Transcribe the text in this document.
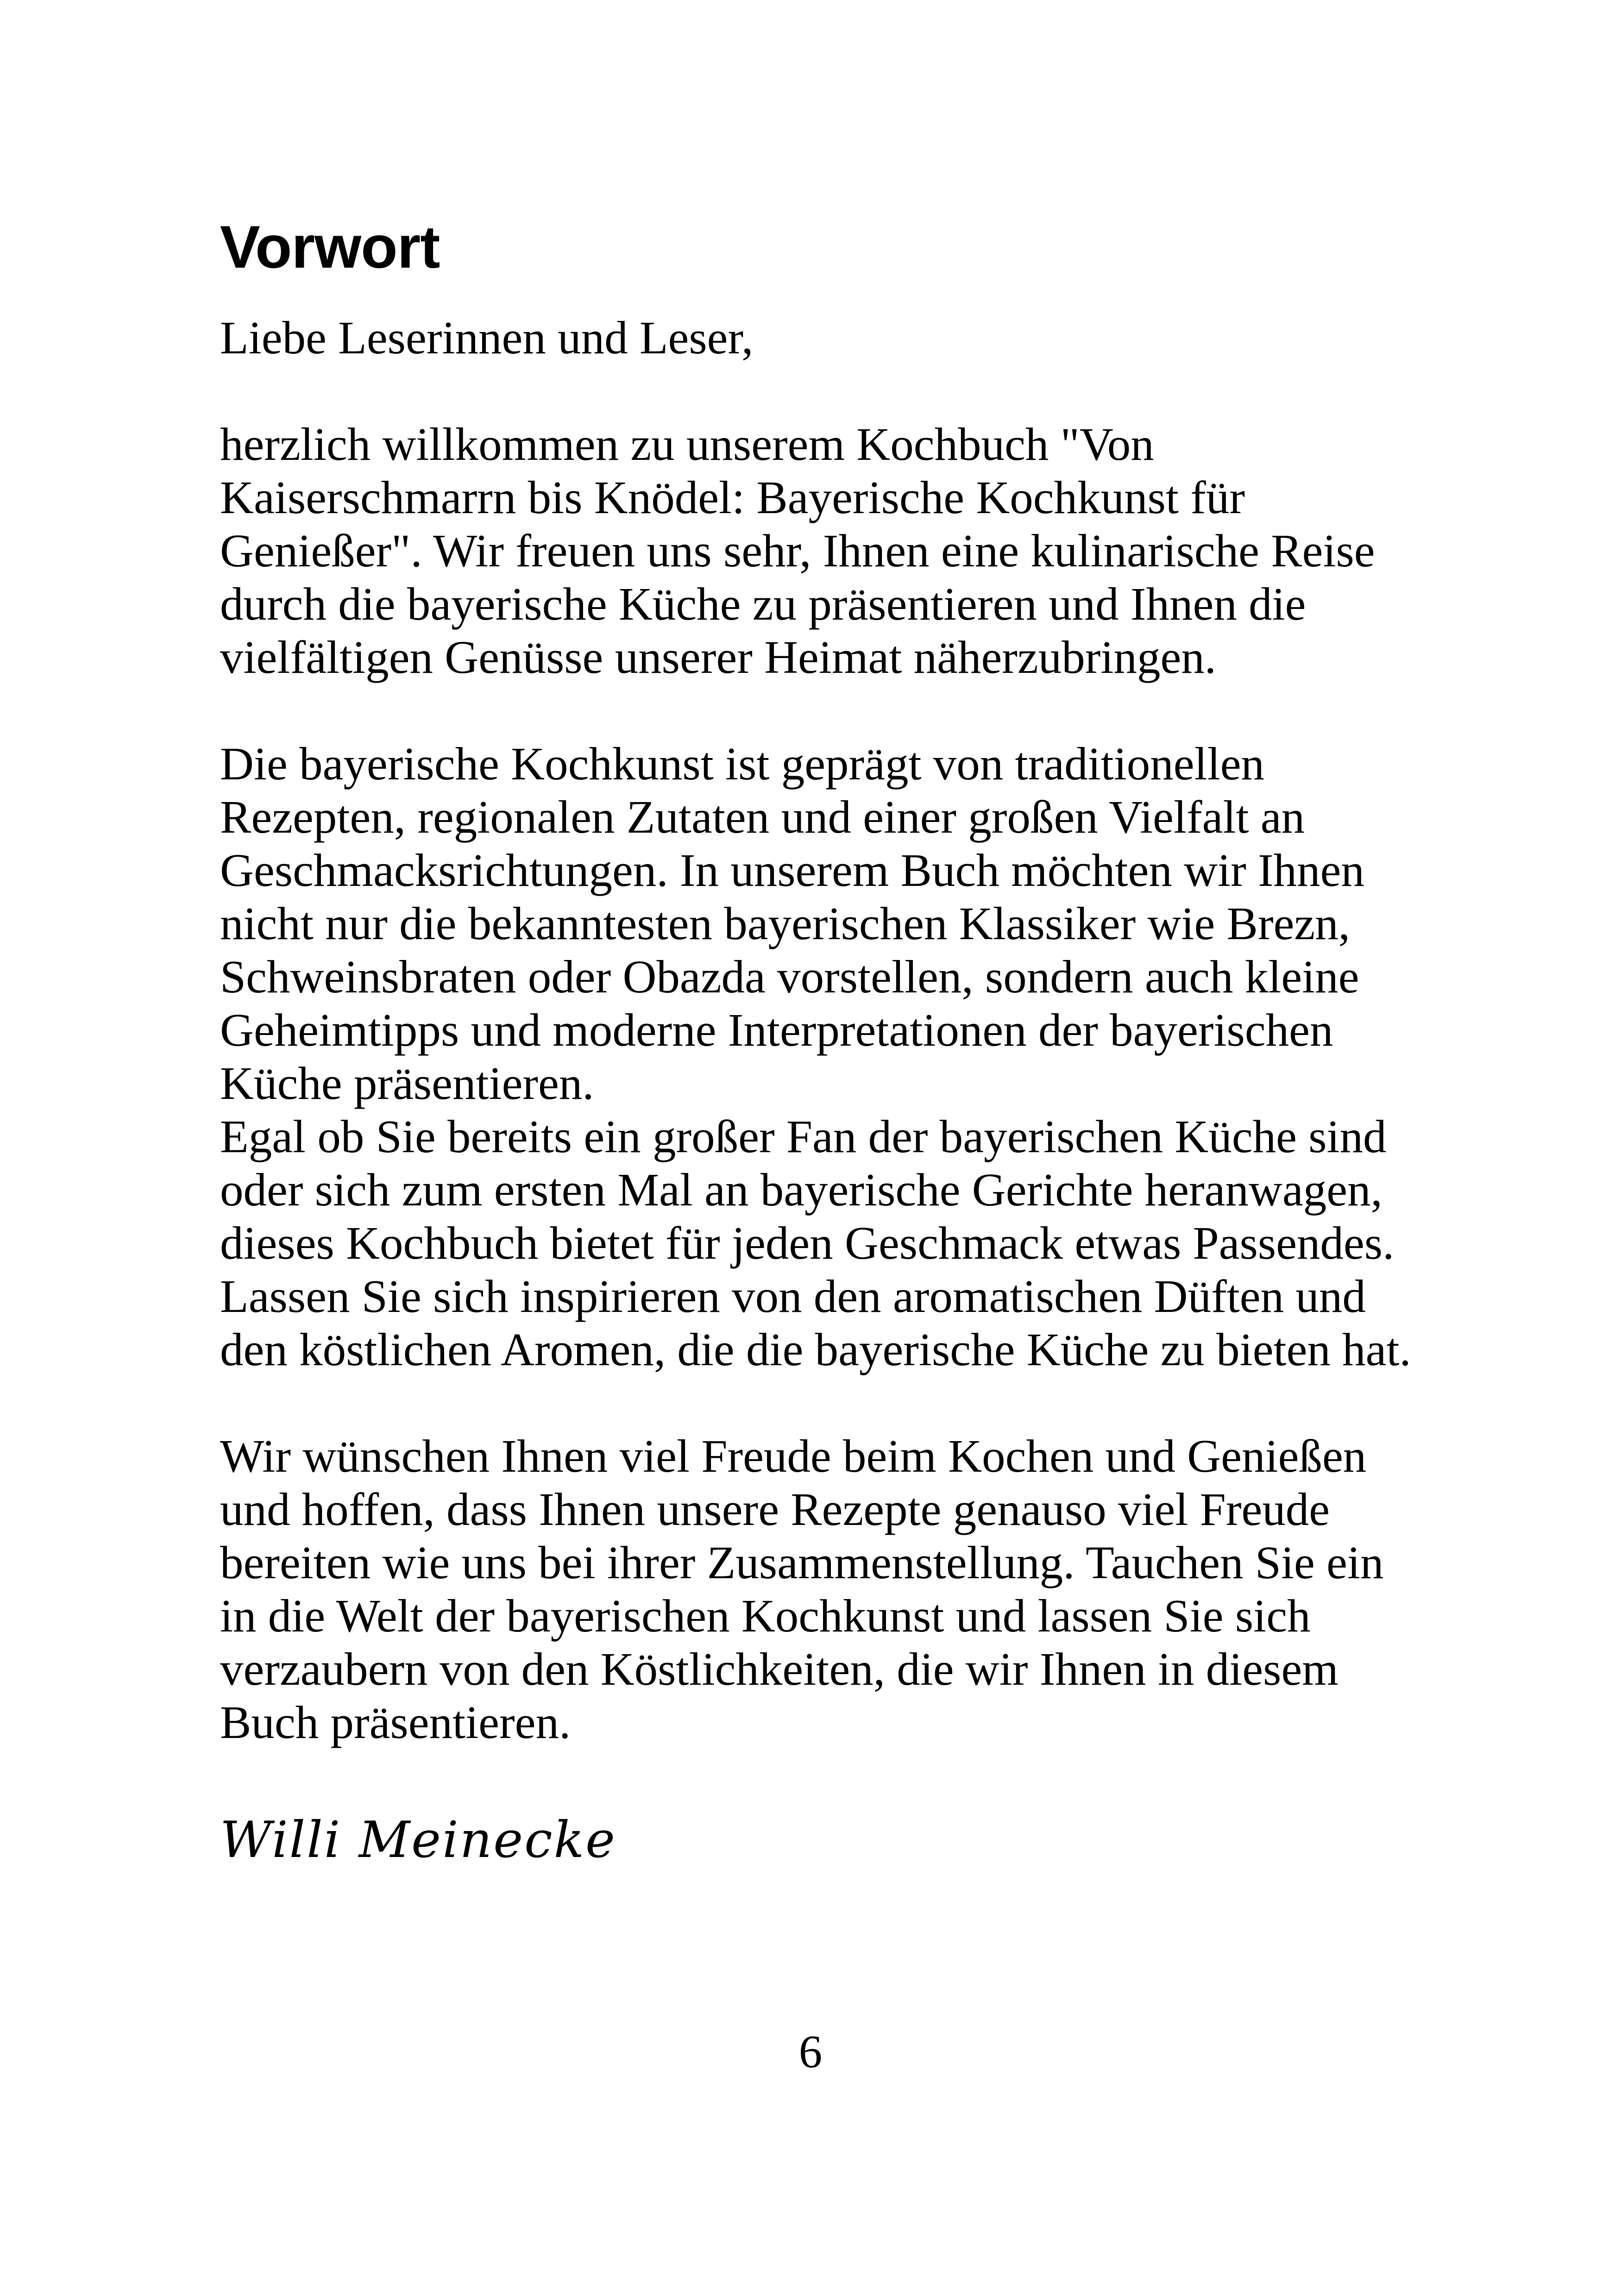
Vorwort

Liebe Leserinnen und Leser,

herzlich willkommen zu unserem Kochbuch "Von
Kaiserschmarrn bis Knödel: Bayerische Kochkunst für
Genießer". Wir freuen uns sehr, Ihnen eine kulinarische Reise
durch die bayerische Küche zu präsentieren und Ihnen die
vielfältigen Genüsse unserer Heimat näherzubringen.

Die bayerische Kochkunst ist geprägt von traditionellen
Rezepten, regionalen Zutaten und einer großen Vielfalt an
Geschmacksrichtungen. In unserem Buch möchten wir Ihnen
nicht nur die bekanntesten bayerischen Klassiker wie Brezn,
Schweinsbraten oder Obazda vorstellen, sondern auch kleine
Geheimtipps und moderne Interpretationen der bayerischen
Küche präsentieren.

Egal ob Sie bereits ein großer Fan der bayerischen Küche sind
oder sich zum ersten Mal an bayerische Gerichte heranwagen,
dieses Kochbuch bietet für jeden Geschmack etwas Passendes.
Lassen Sie sich inspirieren von den aromatischen Düften und
den köstlichen Aromen, die die bayerische Küche zu bieten hat.

Wir wünschen Ihnen viel Freude beim Kochen und Genießen
und hoffen, dass Ihnen unsere Rezepte genauso viel Freude
bereiten wie uns bei ihrer Zusammenstellung. Tauchen Sie ein
in die Welt der bayerischen Kochkunst und lassen Sie sich
verzaubern von den Köstlichkeiten, die wir Ihnen in diesem
Buch präsentieren.

Willi Meinecke
6
